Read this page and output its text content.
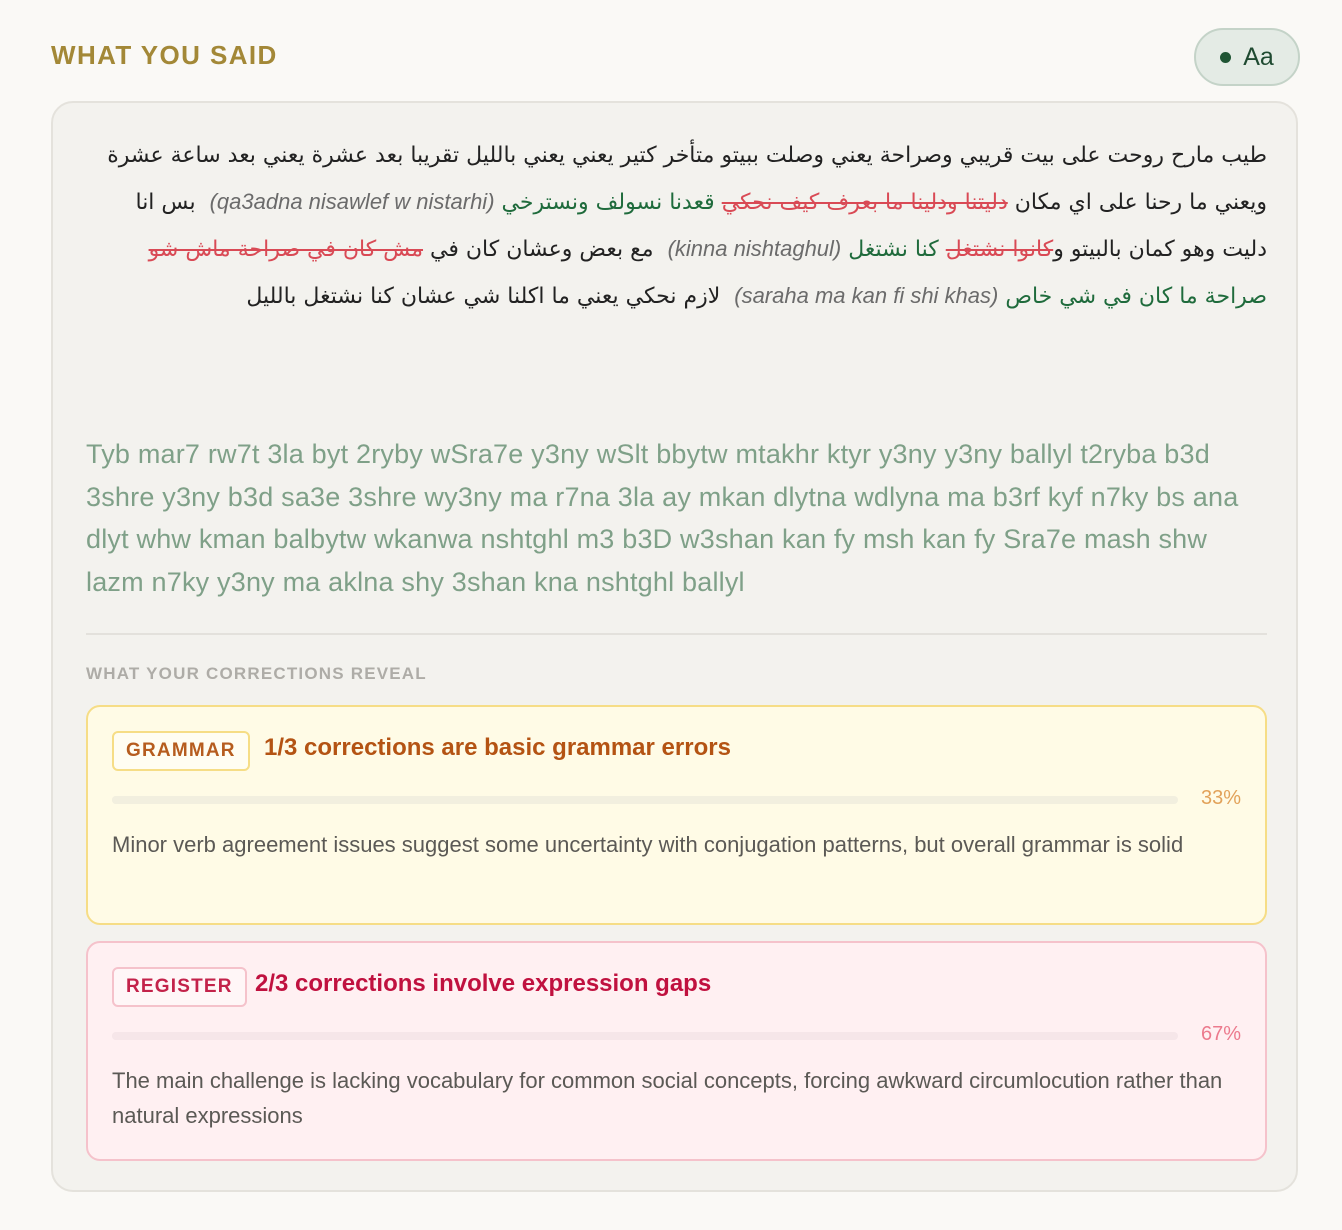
WHAT YOU SAID	Aa
طيب مارح روحت على بيت قريبي وصراحة يعني وصلت ببيتو متأخر كتير يعني يعني بالليل تقريبا بعد عشرة يعني بعد ساعة عشرة ويعني ما رحنا على اي مكان دليتنا ودلينا ما بعرف كيف نحكي قعدنا نسولف ونسترخي (qa3adna nisawlef w nistarhi)  بس انا دليت وهو كمان بالبيتو وكانوا نشتغل كنا نشتغل (kinna nishtaghul)  مع بعض وعشان كان في مش كان في صراحة ماش شو صراحة ما كان في شي خاص (saraha ma kan fi shi khas)  لازم نحكي يعني ما اكلنا شي عشان كنا نشتغل بالليل
Tyb mar7 rw7t 3la byt 2ryby wSra7e y3ny wSlt bbytw mtakhr ktyr y3ny y3ny ballyl t2ryba b3d 3shre y3ny b3d sa3e 3shre wy3ny ma r7na 3la ay mkan dlytna wdlyna ma b3rf kyf n7ky bs ana dlyt whw kman balbytw wkanwa nshtghl m3 b3D w3shan kan fy msh kan fy Sra7e mash shw lazm n7ky y3ny ma aklna shy 3shan kna nshtghl ballyl
WHAT YOUR CORRECTIONS REVEAL
GRAMMAR	1/3 corrections are basic grammar errors
33%
Minor verb agreement issues suggest some uncertainty with conjugation patterns, but overall grammar is solid
REGISTER 2/3 corrections involve expression gaps
67%
The main challenge is lacking vocabulary for common social concepts, forcing awkward circumlocution rather than natural expressions
